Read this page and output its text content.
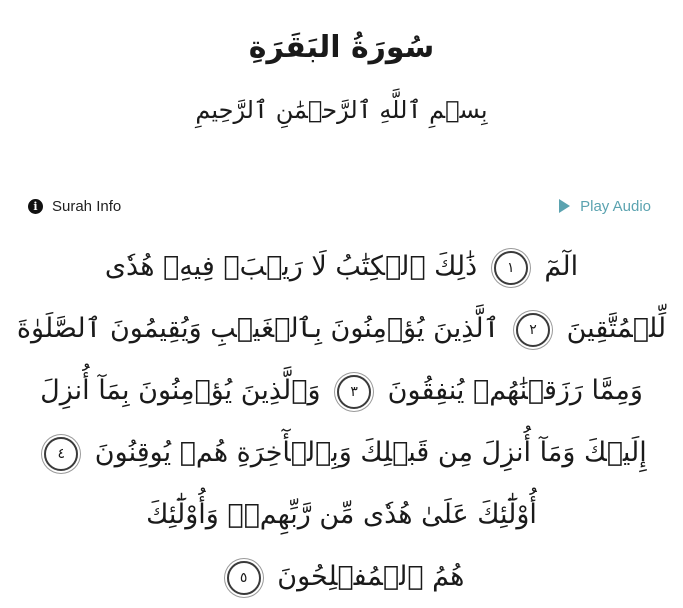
سُورَةُ البَقَرَةِ
بِسۡمِ ٱللَّهِ ٱلرَّحۡمَٰنِ ٱلرَّحِيمِ
i Surah Info	Play Audio
الٓمٓ ١ ذَٰلِكَ ٱلۡكِتَٰبُ لَا رَيۡبَۛ فِيهِۛ هُدٗى
لِّلۡمُتَّقِينَ ٢ ٱلَّذِينَ يُؤۡمِنُونَ بِٱلۡغَيۡبِ وَيُقِيمُونَ ٱلصَّلَوٰةَ
وَمِمَّا رَزَقۡنَٰهُمۡ يُنفِقُونَ ٣ وَٱلَّذِينَ يُؤۡمِنُونَ بِمَآ أُنزِلَ
إِلَيۡكَ وَمَآ أُنزِلَ مِن قَبۡلِكَ وَبِٱلۡأٓخِرَةِ هُمۡ يُوقِنُونَ ٤
أُوْلَٰٓئِكَ عَلَىٰ هُدٗى مِّن رَّبِّهِمۡۖ وَأُوْلَٰٓئِكَ
هُمُ ٱلۡمُفۡلِحُونَ ٥
